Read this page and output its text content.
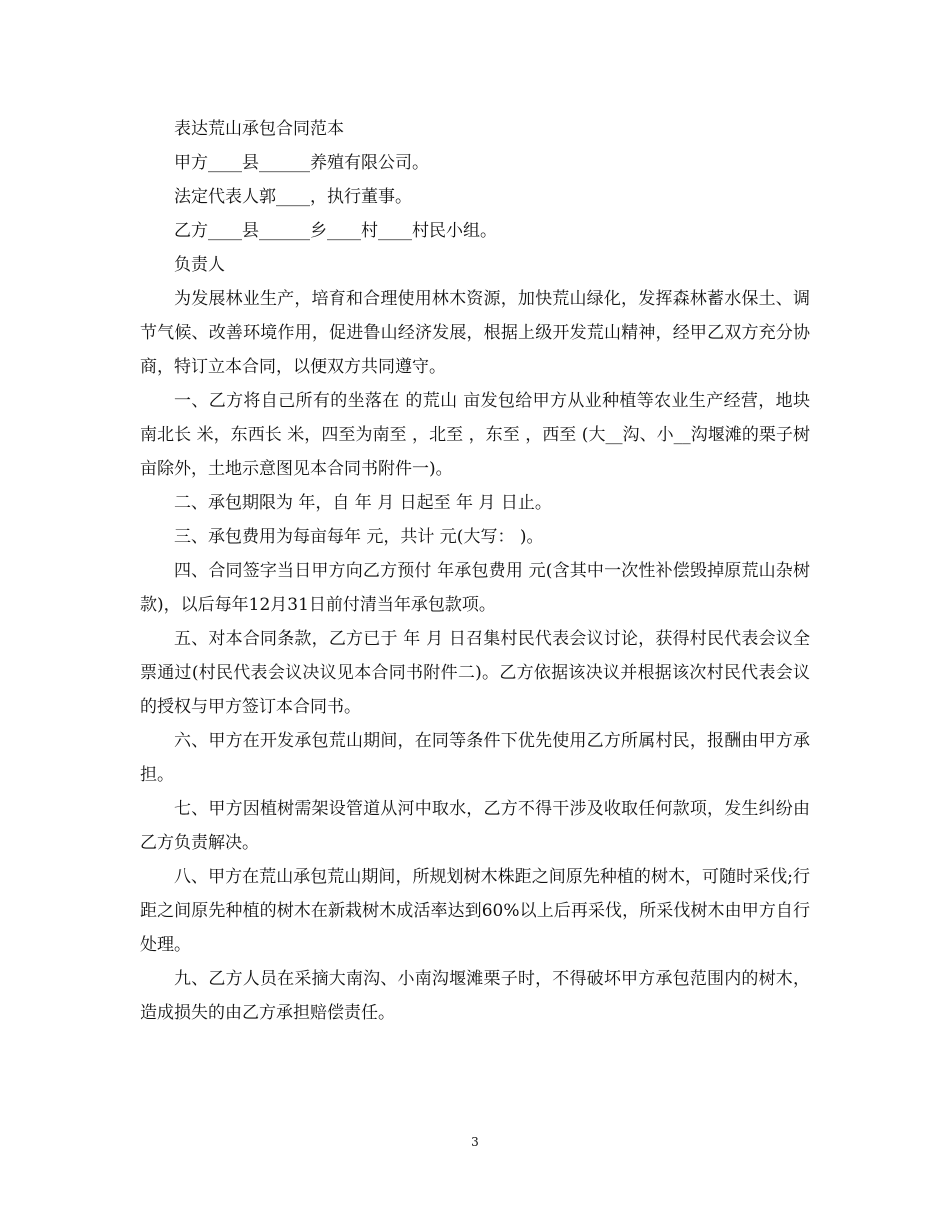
表达荒山承包合同范本

甲方____县______养殖有限公司。

法定代表人郭____，执行董事。

乙方____县______乡____村____村民小组。

负责人

为发展林业生产，培育和合理使用林木资源，加快荒山绿化，发挥森林蓄水保土、调节气候、改善环境作用，促进鲁山经济发展，根据上级开发荒山精神，经甲乙双方充分协商，特订立本合同，以便双方共同遵守。

一、乙方将自己所有的坐落在 的荒山 亩发包给甲方从业种植等农业生产经营，地块南北长 米，东西长 米，四至为南至 ，北至 ，东至 ，西至 (大__沟、小__沟堰滩的栗子树 亩除外，土地示意图见本合同书附件一)。

二、承包期限为 年，自 年 月 日起至 年 月 日止。

三、承包费用为每亩每年 元，共计 元(大写： )。

四、合同签字当日甲方向乙方预付 年承包费用 元(含其中一次性补偿毁掉原荒山杂树款)，以后每年12月31日前付清当年承包款项。

五、对本合同条款，乙方已于 年 月 日召集村民代表会议讨论，获得村民代表会议全票通过(村民代表会议决议见本合同书附件二)。乙方依据该决议并根据该次村民代表会议的授权与甲方签订本合同书。

六、甲方在开发承包荒山期间，在同等条件下优先使用乙方所属村民，报酬由甲方承担。

七、甲方因植树需架设管道从河中取水，乙方不得干涉及收取任何款项，发生纠纷由乙方负责解决。

八、甲方在荒山承包荒山期间，所规划树木株距之间原先种植的树木，可随时采伐;行距之间原先种植的树木在新栽树木成活率达到60%以上后再采伐，所采伐树木由甲方自行处理。

九、乙方人员在采摘大南沟、小南沟堰滩栗子时，不得破坏甲方承包范围内的树木，造成损失的由乙方承担赔偿责任。

3
